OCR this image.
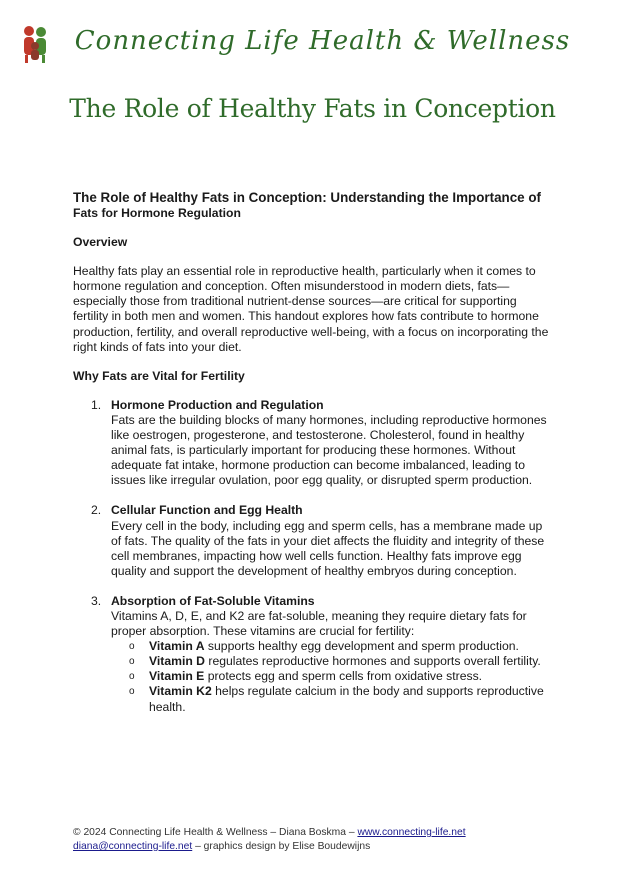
Connecting Life Health & Wellness
The Role of Healthy Fats in Conception
The Role of Healthy Fats in Conception: Understanding the Importance of
Fats for Hormone Regulation
Overview

Healthy fats play an essential role in reproductive health, particularly when it comes to hormone regulation and conception. Often misunderstood in modern diets, fats—especially those from traditional nutrient-dense sources—are critical for supporting fertility in both men and women. This handout explores how fats contribute to hormone production, fertility, and overall reproductive well-being, with a focus on incorporating the right kinds of fats into your diet.

Why Fats are Vital for Fertility
1. Hormone Production and Regulation
Fats are the building blocks of many hormones, including reproductive hormones like oestrogen, progesterone, and testosterone. Cholesterol, found in healthy animal fats, is particularly important for producing these hormones. Without adequate fat intake, hormone production can become imbalanced, leading to issues like irregular ovulation, poor egg quality, or disrupted sperm production.
2. Cellular Function and Egg Health
Every cell in the body, including egg and sperm cells, has a membrane made up of fats. The quality of the fats in your diet affects the fluidity and integrity of these cell membranes, impacting how well cells function. Healthy fats improve egg quality and support the development of healthy embryos during conception.
3. Absorption of Fat-Soluble Vitamins
Vitamins A, D, E, and K2 are fat-soluble, meaning they require dietary fats for proper absorption. These vitamins are crucial for fertility:
o Vitamin A supports healthy egg development and sperm production.
o Vitamin D regulates reproductive hormones and supports overall fertility.
o Vitamin E protects egg and sperm cells from oxidative stress.
o Vitamin K2 helps regulate calcium in the body and supports reproductive health.
© 2024 Connecting Life Health & Wellness – Diana Boskma – www.connecting-life.net
diana@connecting-life.net – graphics design by Elise Boudewijns
